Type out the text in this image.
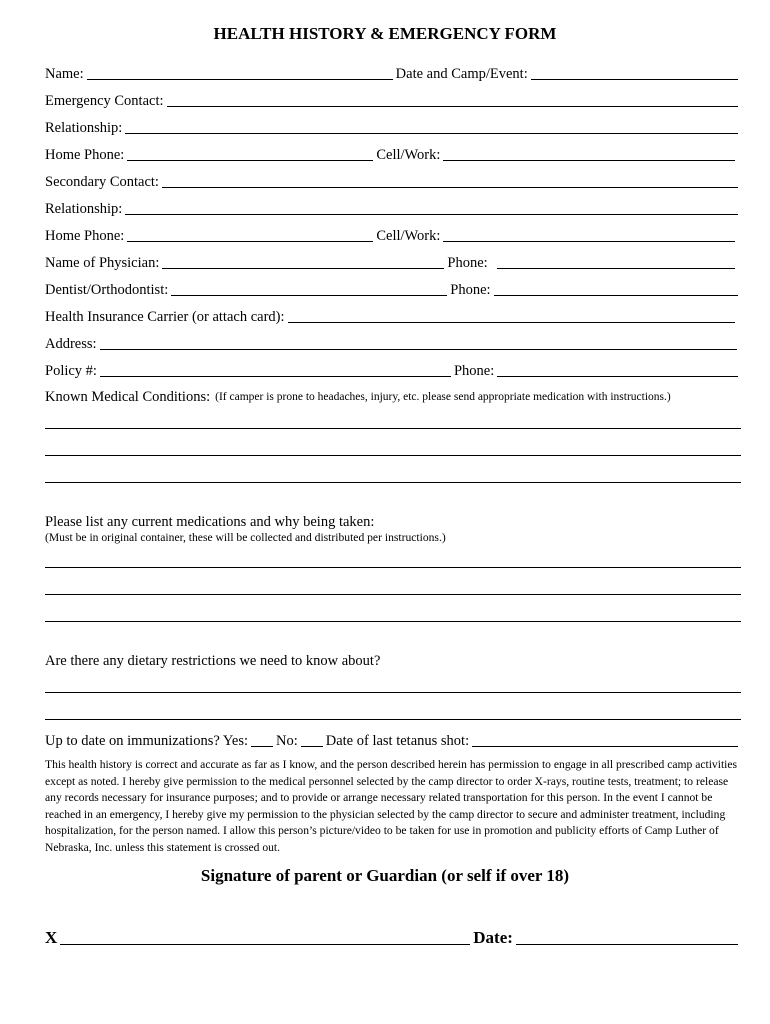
HEALTH HISTORY & EMERGENCY FORM
Name:	Date and Camp/Event:
Emergency Contact:
Relationship:
Home Phone:	Cell/Work:
Secondary Contact:
Relationship:
Home Phone:	Cell/Work:
Name of Physician:	Phone:
Dentist/Orthodontist:	Phone:
Health Insurance Carrier (or attach card):
Address:
Policy #:	Phone:
Known Medical Conditions: (If camper is prone to headaches, injury, etc. please send appropriate medication with instructions.)
Please list any current medications and why being taken:
(Must be in original container, these will be collected and distributed per instructions.)
Are there any dietary restrictions we need to know about?
Up to date on immunizations? Yes: No: Date of last tetanus shot:
This health history is correct and accurate as far as I know, and the person described herein has permission to engage in all prescribed camp activities except as noted. I hereby give permission to the medical personnel selected by the camp director to order X-rays, routine tests, treatment; to release any records necessary for insurance purposes; and to provide or arrange necessary related transportation for this person. In the event I cannot be reached in an emergency, I hereby give my permission to the physician selected by the camp director to secure and administer treatment, including hospitalization, for the person named. I allow this person’s picture/video to be taken for use in promotion and publicity efforts of Camp Luther of Nebraska, Inc. unless this statement is crossed out.
Signature of parent or Guardian (or self if over 18)
X	Date:
